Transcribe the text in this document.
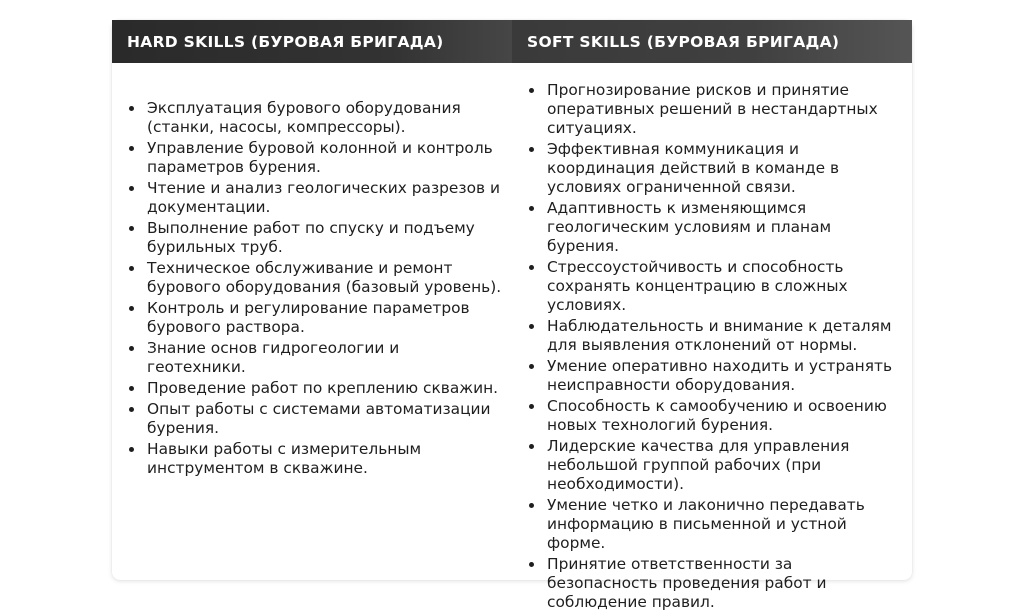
HARD SKILLS (БУРОВАЯ БРИГАДА)	SOFT SKILLS (БУРОВАЯ БРИГАДА)
Эксплуатация бурового оборудования (станки, насосы, компрессоры).
Управление буровой колонной и контроль параметров бурения.
Чтение и анализ геологических разрезов и документации.
Выполнение работ по спуску и подъему бурильных труб.
Техническое обслуживание и ремонт бурового оборудования (базовый уровень).
Контроль и регулирование параметров бурового раствора.
Знание основ гидрогеологии и геотехники.
Проведение работ по креплению скважин.
Опыт работы с системами автоматизации бурения.
Навыки работы с измерительным инструментом в скважине.
Прогнозирование рисков и принятие оперативных решений в нестандартных ситуациях.
Эффективная коммуникация и координация действий в команде в условиях ограниченной связи.
Адаптивность к изменяющимся геологическим условиям и планам бурения.
Стрессоустойчивость и способность сохранять концентрацию в сложных условиях.
Наблюдательность и внимание к деталям для выявления отклонений от нормы.
Умение оперативно находить и устранять неисправности оборудования.
Способность к самообучению и освоению новых технологий бурения.
Лидерские качества для управления небольшой группой рабочих (при необходимости).
Умение четко и лаконично передавать информацию в письменной и устной форме.
Принятие ответственности за безопасность проведения работ и соблюдение правил.
